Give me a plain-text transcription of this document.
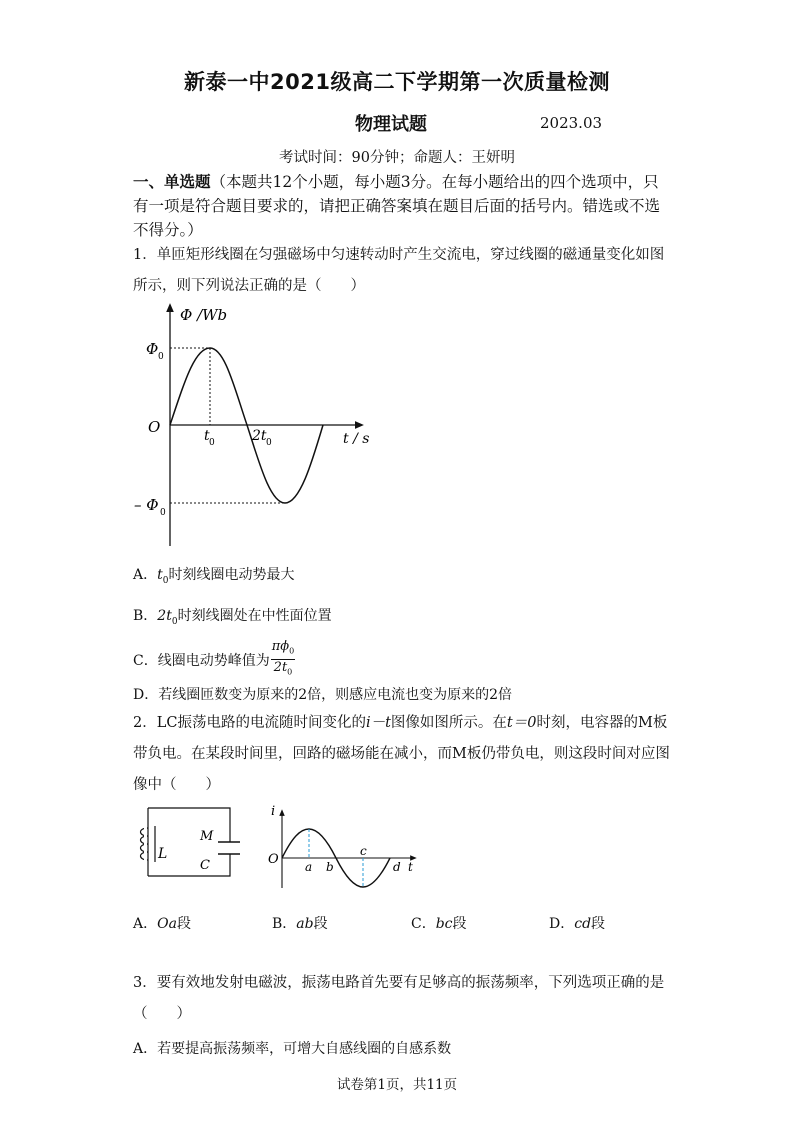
新泰一中2021级高二下学期第一次质量检测
物理试题	2023.03
考试时间：90分钟；命题人：王妍明
一、单选题（本题共12个小题，每小题3分。在每小题给出的四个选项中，只有一项是符合题目要求的，请把正确答案填在题目后面的括号内。错选或不选不得分。）
1．单匝矩形线圈在匀强磁场中匀速转动时产生交流电，穿过线圈的磁通量变化如图所示，则下列说法正确的是（　　）
Φ /Wb
t / s
O
Φ 0
– Φ 0
t 0	2t 0
A．$t_0$时刻线圈电动势最大
B．$2t_0$时刻线圈处在中性面位置
C．线圈电动势峰值为
$\pi\phi_0$
$2t_0$
D．若线圈匝数变为原来的2倍，则感应电流也变为原来的2倍
2．LC振荡电路的电流随时间变化的i－t图像如图所示。在t＝0时刻，电容器的M板带负电。在某段时间里，回路的磁场能在减小，而M板仍带负电，则这段时间对应图像中（　　）
L
M
C
i
O a b
c
d t
A．Oa段	B．ab段	C．bc段	D．cd段
3．要有效地发射电磁波，振荡电路首先要有足够高的振荡频率，下列选项正确的是（　　）
A．若要提高振荡频率，可增大自感线圈的自感系数
试卷第1页，共11页
